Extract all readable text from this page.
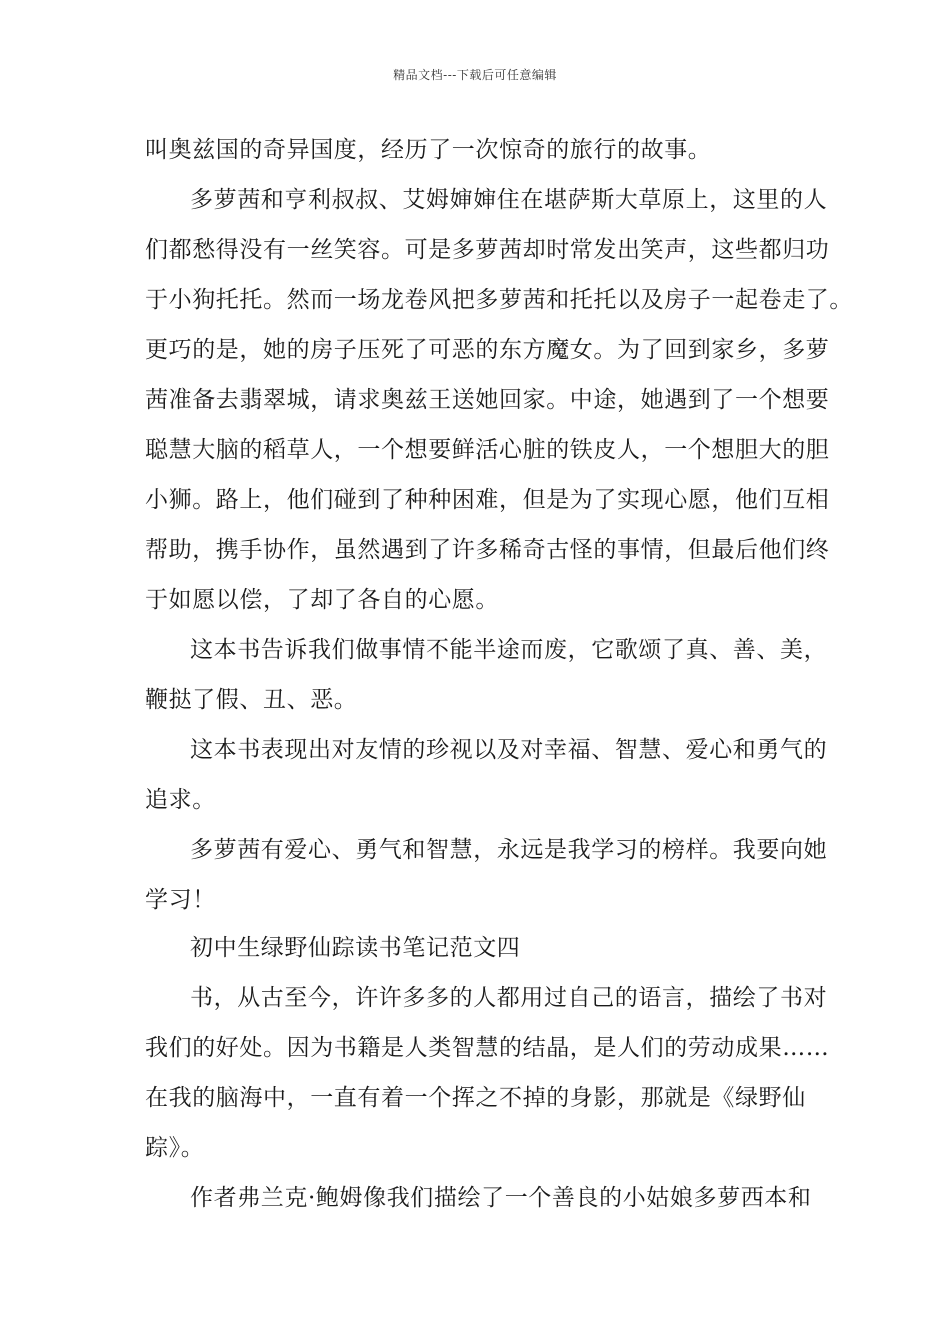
精品文档---下载后可任意编辑
叫奥兹国的奇异国度，经历了一次惊奇的旅行的故事。
多萝茜和亨利叔叔、艾姆婶婶住在堪萨斯大草原上，这里的人
们都愁得没有一丝笑容。可是多萝茜却时常发出笑声，这些都归功
于小狗托托。然而一场龙卷风把多萝茜和托托以及房子一起卷走了。
更巧的是，她的房子压死了可恶的东方魔女。为了回到家乡，多萝
茜准备去翡翠城，请求奥兹王送她回家。中途，她遇到了一个想要
聪慧大脑的稻草人，一个想要鲜活心脏的铁皮人，一个想胆大的胆
小狮。路上，他们碰到了种种困难，但是为了实现心愿，他们互相
帮助，携手协作，虽然遇到了许多稀奇古怪的事情，但最后他们终
于如愿以偿，了却了各自的心愿。
这本书告诉我们做事情不能半途而废，它歌颂了真、善、美，
鞭挞了假、丑、恶。
这本书表现出对友情的珍视以及对幸福、智慧、爱心和勇气的
追求。
多萝茜有爱心、勇气和智慧，永远是我学习的榜样。我要向她
学习！
初中生绿野仙踪读书笔记范文四
书，从古至今，许许多多的人都用过自己的语言，描绘了书对
我们的好处。因为书籍是人类智慧的结晶，是人们的劳动成果……
在我的脑海中，一直有着一个挥之不掉的身影，那就是《绿野仙
踪》。
作者弗兰克·鲍姆像我们描绘了一个善良的小姑娘多萝西本和
